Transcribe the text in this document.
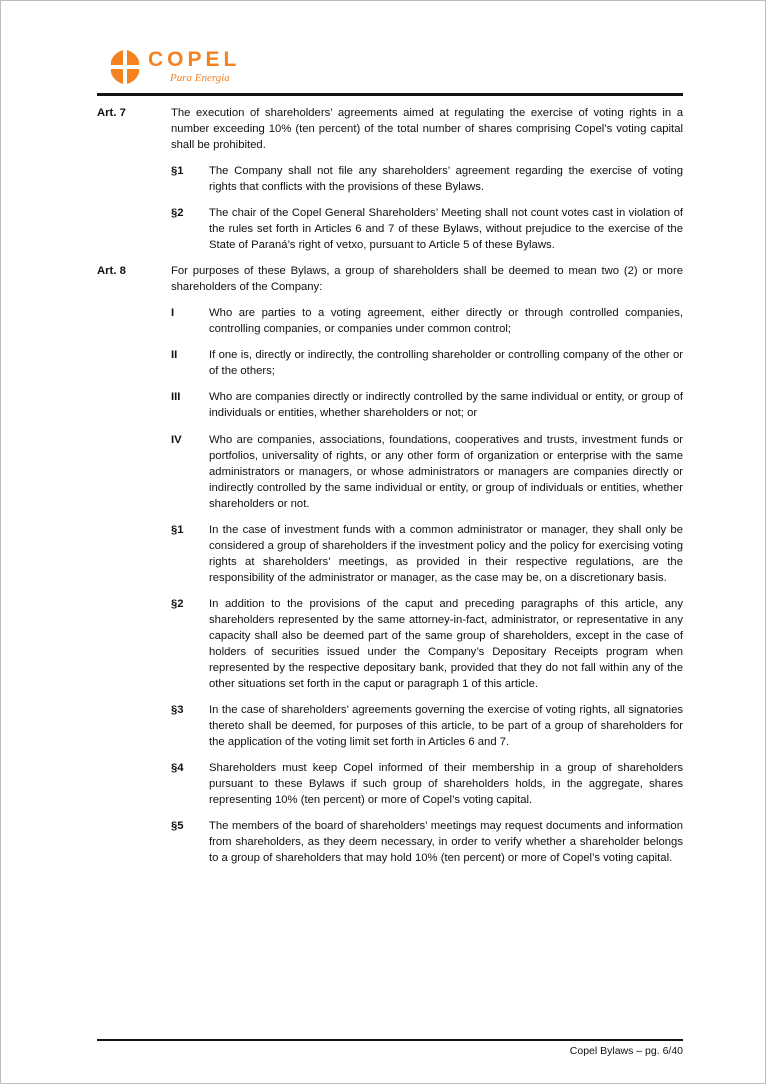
COPEL
Pura Energia
Art. 7	The execution of shareholders’ agreements aimed at regulating the exercise of voting rights in a number exceeding 10% (ten percent) of the total number of shares comprising Copel’s voting capital shall be prohibited.
§1	The Company shall not file any shareholders’ agreement regarding the exercise of voting rights that conflicts with the provisions of these Bylaws.
§2	The chair of the Copel General Shareholders’ Meeting shall not count votes cast in violation of the rules set forth in Articles 6 and 7 of these Bylaws, without prejudice to the exercise of the State of Paraná’s right of vetxo, pursuant to Article 5 of these Bylaws.
Art. 8	For purposes of these Bylaws, a group of shareholders shall be deemed to mean two (2) or more shareholders of the Company:
I	Who are parties to a voting agreement, either directly or through controlled companies, controlling companies, or companies under common control;
II	If one is, directly or indirectly, the controlling shareholder or controlling company of the other or of the others;
III	Who are companies directly or indirectly controlled by the same individual or entity, or group of individuals or entities, whether shareholders or not; or
IV	Who are companies, associations, foundations, cooperatives and trusts, investment funds or portfolios, universality of rights, or any other form of organization or enterprise with the same administrators or managers, or whose administrators or managers are companies directly or indirectly controlled by the same individual or entity, or group of individuals or entities, whether shareholders or not.
§1	In the case of investment funds with a common administrator or manager, they shall only be considered a group of shareholders if the investment policy and the policy for exercising voting rights at shareholders’ meetings, as provided in their respective regulations, are the responsibility of the administrator or manager, as the case may be, on a discretionary basis.
§2	In addition to the provisions of the caput and preceding paragraphs of this article, any shareholders represented by the same attorney-in-fact, administrator, or representative in any capacity shall also be deemed part of the same group of shareholders, except in the case of holders of securities issued under the Company’s Depositary Receipts program when represented by the respective depositary bank, provided that they do not fall within any of the other situations set forth in the caput or paragraph 1 of this article.
§3	In the case of shareholders’ agreements governing the exercise of voting rights, all signatories thereto shall be deemed, for purposes of this article, to be part of a group of shareholders for the application of the voting limit set forth in Articles 6 and 7.
§4	Shareholders must keep Copel informed of their membership in a group of shareholders pursuant to these Bylaws if such group of shareholders holds, in the aggregate, shares representing 10% (ten percent) or more of Copel’s voting capital.
§5	The members of the board of shareholders’ meetings may request documents and information from shareholders, as they deem necessary, in order to verify whether a shareholder belongs to a group of shareholders that may hold 10% (ten percent) or more of Copel’s voting capital.
Copel Bylaws – pg. 6/40
